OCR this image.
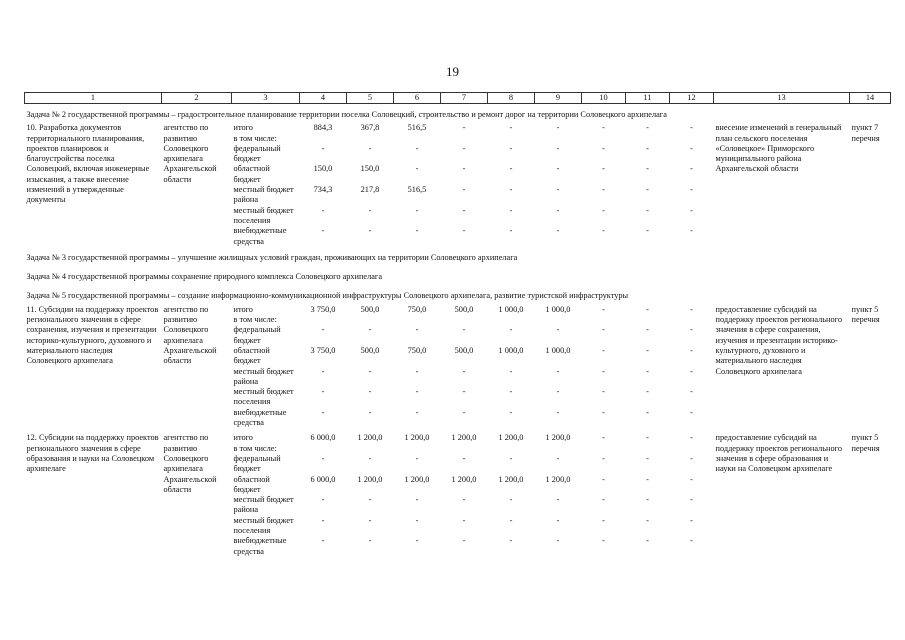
19
1	2	3	4	5	6	7	8	9	10	11	12	13	14
Задача № 2 государственной программы – градостроительное планирование территории поселка Соловецкий, строительство и ремонт дорог на территории Соловецкого архипелага													
10. Разработка документов территориального планирования, проектов планировок и благоустройства поселка Соловецкий, включая инженерные изыскания, а также внесение изменений в утвержденные документы	агентство по развитию Соловецкого архипелага Архангельской области	итого	884,3	367,8	516,5	-	-	-	-	-	-	внесение изменений в генеральный план сельского поселения «Соловецкое» Приморского муниципального района Архангельской области	пункт 7 перечня
		в том числе:											
		федеральный бюджет	-	-	-	-	-	-	-	-	-		
		областной бюджет	150,0	150,0	-	-	-	-	-	-	-		
		местный бюджет района	734,3	217,8	516,5	-	-	-	-	-	-		
		местный бюджет поселения	-	-	-	-	-	-	-	-	-		
		внебюджетные средства	-	-	-	-	-	-	-	-	-		
Задача № 3 государственной программы – улучшение жилищных условий граждан, проживающих на территории Соловецкого архипелага													
Задача № 4 государственной программы сохранение природного комплекса Соловецкого архипелага													
Задача № 5 государственной программы – создание информационно-коммуникационной инфраструктуры Соловецкого архипелага, развитие туристской инфраструктуры													
11. Субсидии на поддержку проектов регионального значения в сфере сохранения, изучения и презентации историко-культурного, духовного и материального наследия Соловецкого архипелага	агентство по развитию Соловецкого архипелага Архангельской области	итого	3 750,0	500,0	750,0	500,0	1 000,0	1 000,0	-	-	-	предоставление субсидий на поддержку проектов регионального значения в сфере сохранения, изучения и презентации историко-культурного, духовного и материального наследия Соловецкого архипелага	пункт 5 перечня
		в том числе:											
		федеральный бюджет	-	-	-	-	-	-	-	-	-		
		областной бюджет	3 750,0	500,0	750,0	500,0	1 000,0	1 000,0	-	-	-		
		местный бюджет района	-	-	-	-	-	-	-	-	-		
		местный бюджет поселения	-	-	-	-	-	-	-	-	-		
		внебюджетные средства	-	-	-	-	-	-	-	-	-		

12. Субсидии на поддержку проектов регионального значения в сфере образования и науки на Соловецком архипелаге	агентство по развитию Соловецкого архипелага Архангельской области	итого	6 000,0	1 200,0	1 200,0	1 200,0	1 200,0	1 200,0	-	-	-	предоставление субсидий на поддержку проектов регионального значения в сфере образования и науки на Соловецком архипелаге	пункт 5 перечня
		в том числе:											
		федеральный бюджет	-	-	-	-	-	-	-	-	-		
		областной бюджет	6 000,0	1 200,0	1 200,0	1 200,0	1 200,0	1 200,0	-	-	-		
		местный бюджет района	-	-	-	-	-	-	-	-	-		
		местный бюджет поселения	-	-	-	-	-	-	-	-	-		
		внебюджетные средства	-	-	-	-	-	-	-	-	-		
